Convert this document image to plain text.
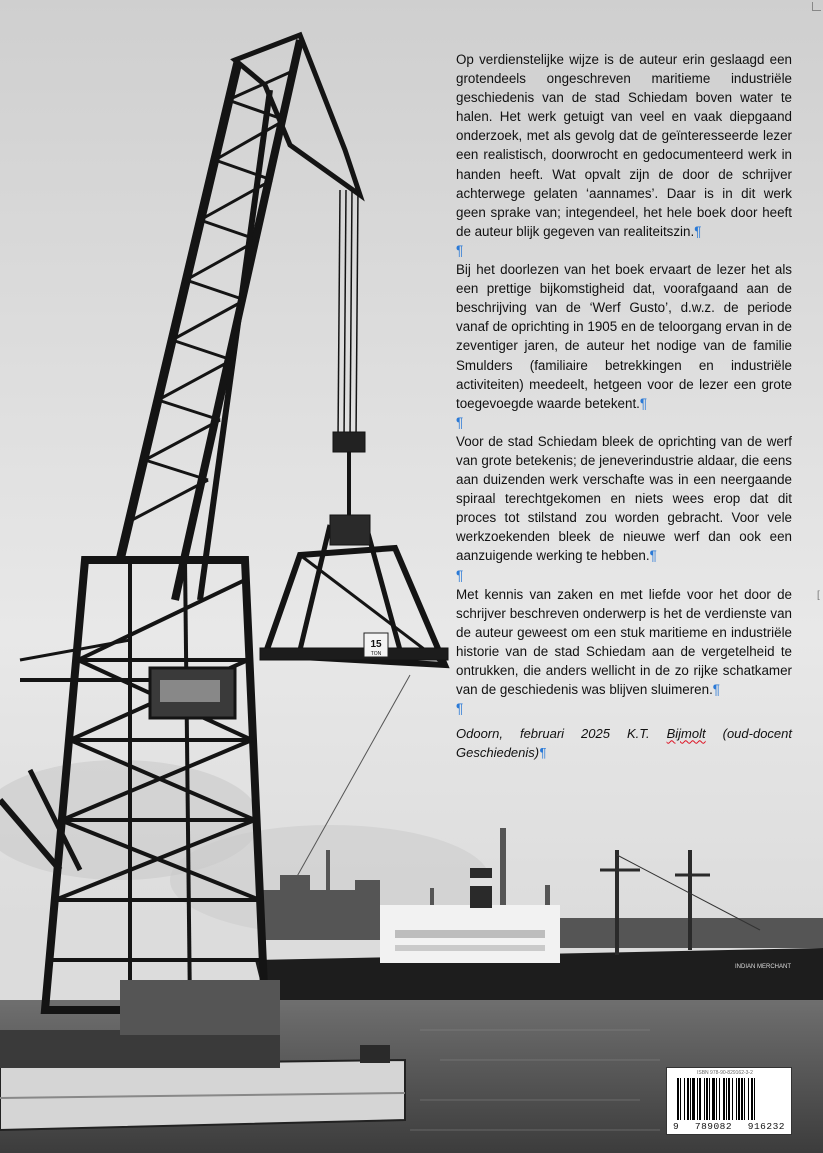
INDIAN MERCHANT
15
TON
[

Op verdienstelijke wijze is de auteur erin geslaagd een grotendeels ongeschreven maritieme industriële geschiedenis van de stad Schiedam boven water te halen. Het werk getuigt van veel en vaak diepgaand onderzoek, met als gevolg dat de geïnteresseerde lezer een realistisch, doorwrocht en gedocumenteerd werk in handen heeft. Wat opvalt zijn de door de schrijver achterwege gelaten ‘aannames’. Daar is in dit werk geen sprake van; integendeel, het hele boek door heeft de auteur blijk gegeven van realiteitszin.¶

¶

Bij het doorlezen van het boek ervaart de lezer het als een prettige bijkomstigheid dat, voorafgaand aan de beschrijving van de ‘Werf Gusto’, d.w.z. de periode vanaf de oprichting in 1905 en de teloorgang ervan in de zeventiger jaren, de auteur het nodige van de familie Smulders (familiaire betrekkingen en industriële activiteiten) meedeelt, hetgeen voor de lezer een grote toegevoegde waarde betekent.¶

¶

Voor de stad Schiedam bleek de oprichting van de werf van grote betekenis; de jeneverindustrie aldaar, die eens aan duizenden werk verschafte was in een neergaande spiraal terechtgekomen en niets wees erop dat dit proces tot stilstand zou worden gebracht. Voor vele werkzoekenden bleek de nieuwe werf dan ook een aanzuigende werking te hebben.¶

¶

Met kennis van zaken en met liefde voor het door de schrijver beschreven onderwerp is het de verdienste van de auteur geweest om een stuk maritieme en industriële historie van de stad Schiedam aan de vergetelheid te ontrukken, die anders wellicht in de zo rijke schatkamer van de geschiedenis was blijven sluimeren.¶

¶

Odoorn, februari 2025 K.T. Bijmolt (oud-docent Geschiedenis)¶

ISBN 978-90-829162-3-2
9 789082 916232
